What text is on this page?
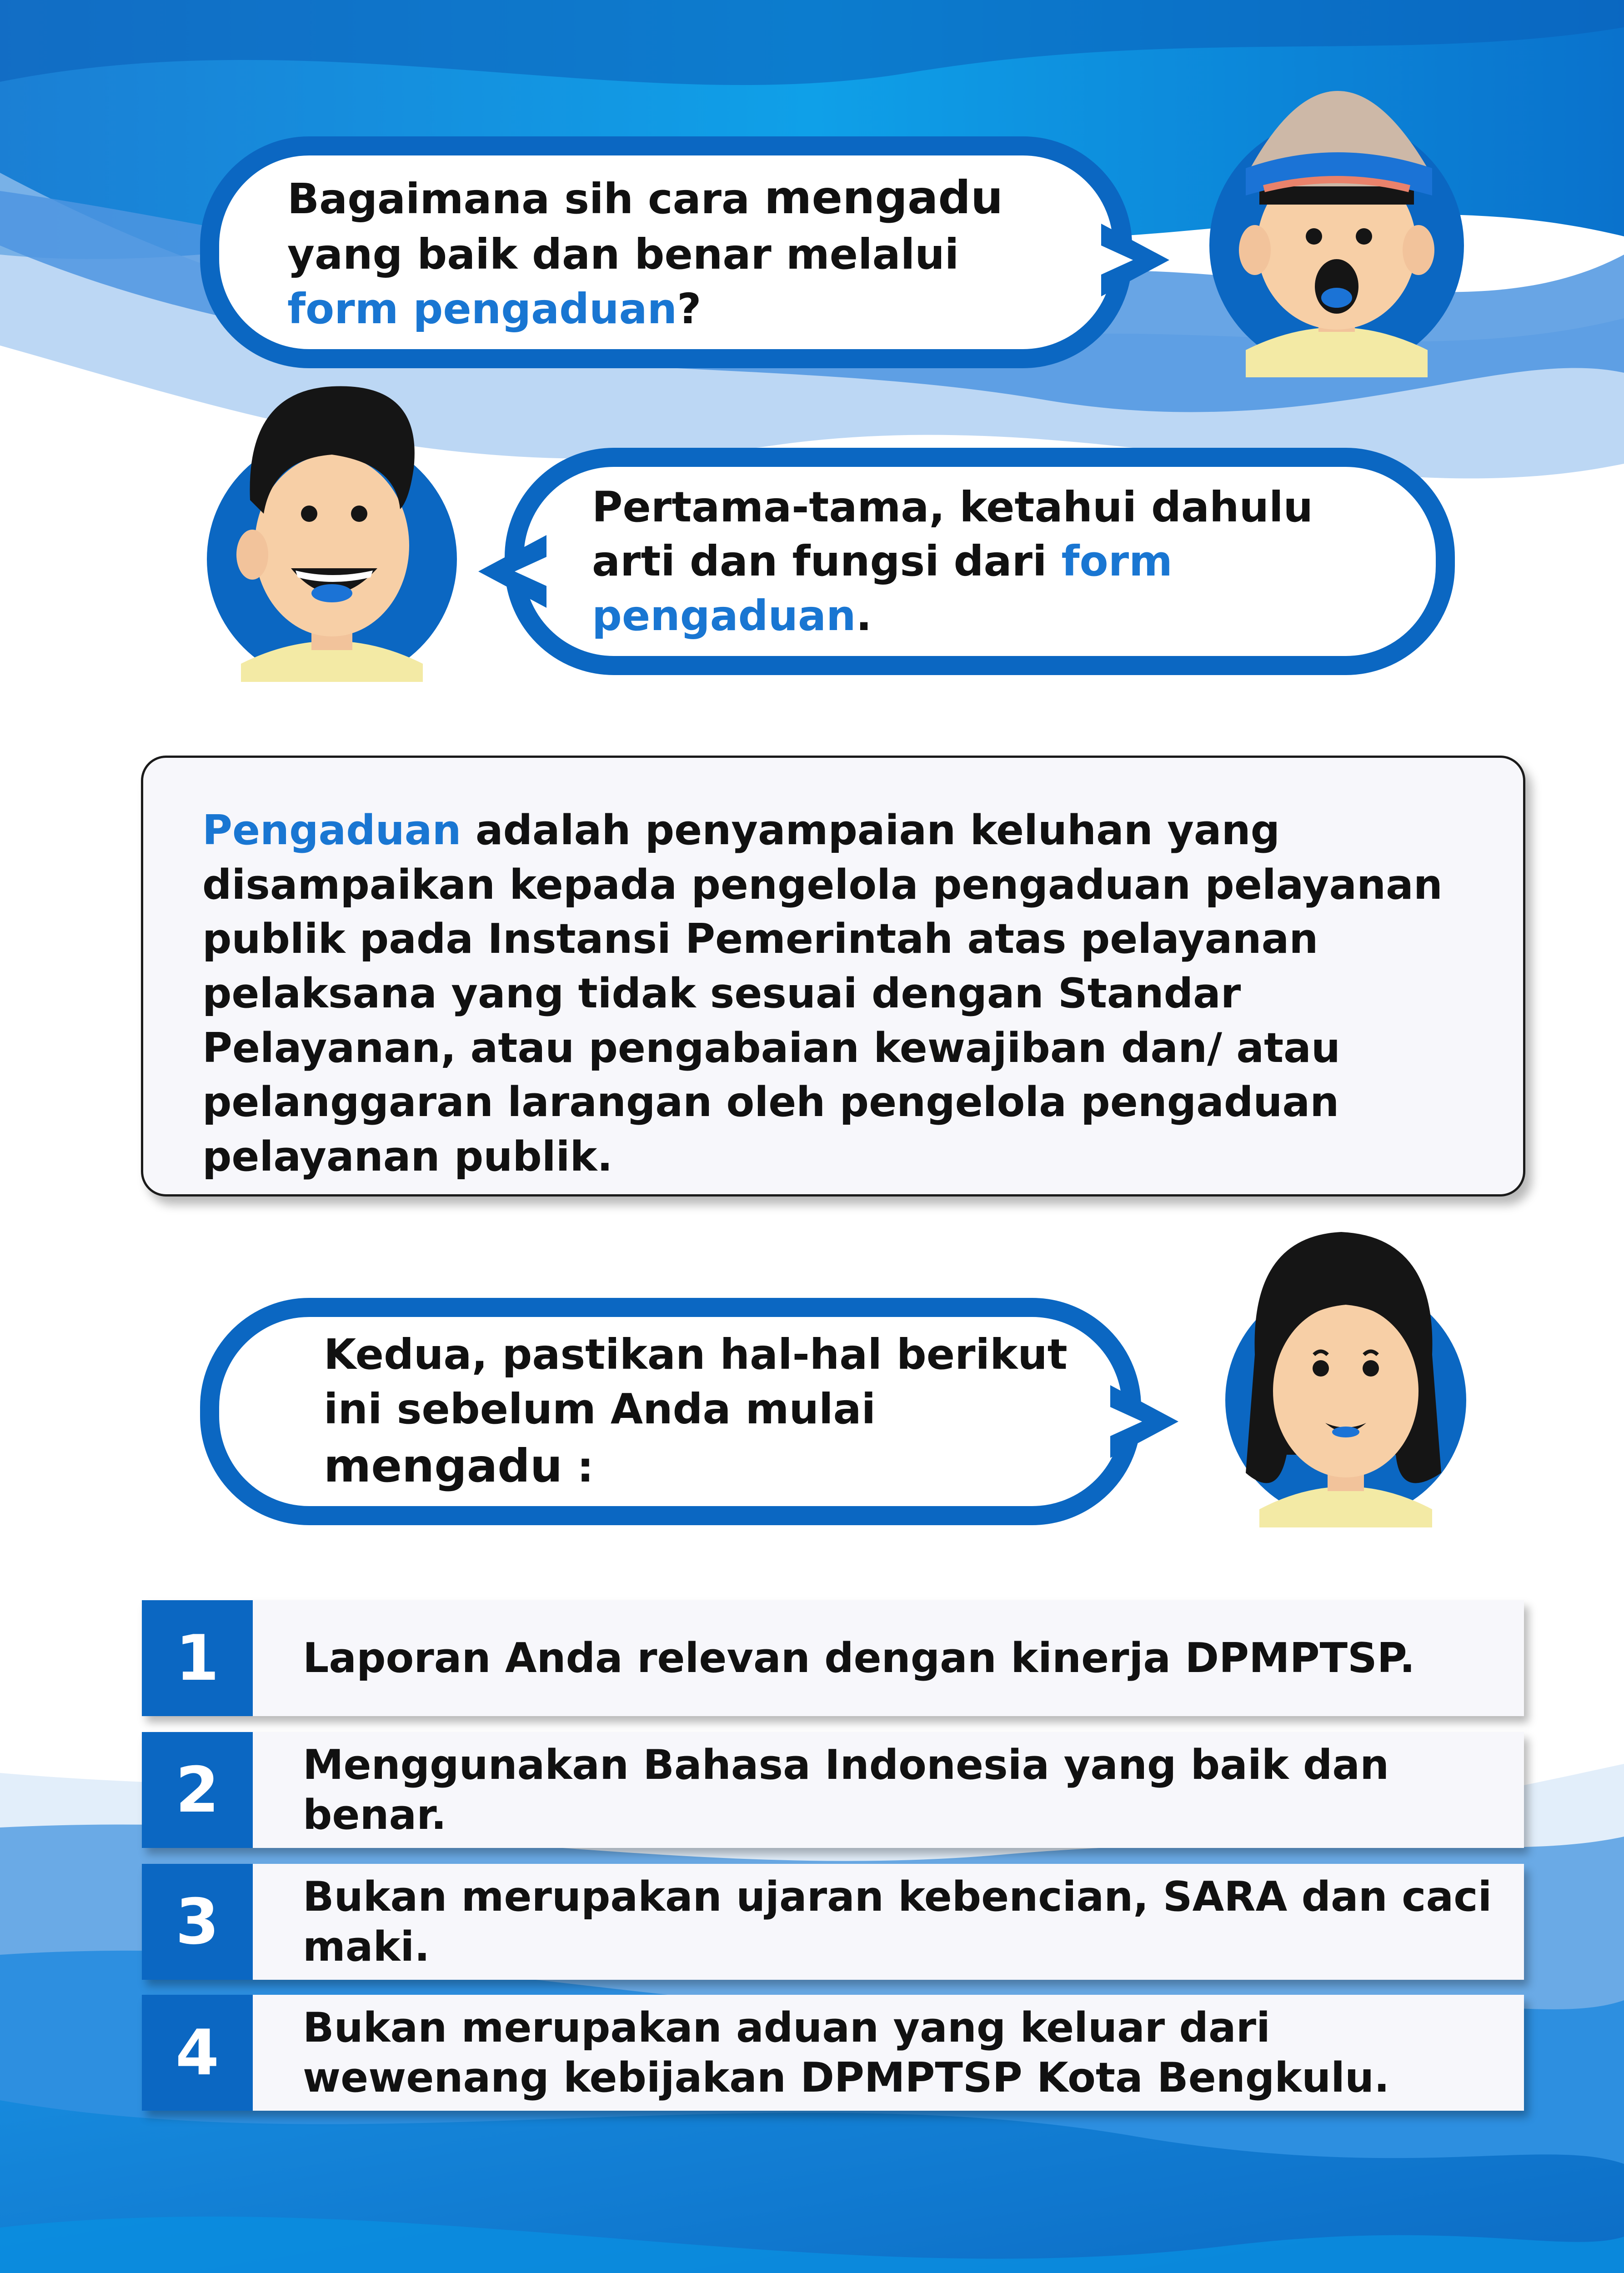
Bagaimana sih cara mengadu yang baik dan benar melalui form pengaduan?

Pertama-tama, ketahui dahulu arti dan fungsi dari form pengaduan.

Pengaduan adalah penyampaian keluhan yang disampaikan kepada pengelola pengaduan pelayanan publik pada Instansi Pemerintah atas pelayanan pelaksana yang tidak sesuai dengan Standar Pelayanan, atau pengabaian kewajiban dan/ atau pelanggaran larangan oleh pengelola pengaduan pelayanan publik.

Kedua, pastikan hal-hal berikut ini sebelum Anda mulai mengadu :

1	Laporan Anda relevan dengan kinerja DPMPTSP.
2	Menggunakan Bahasa Indonesia yang baik dan benar.
3	Bukan merupakan ujaran kebencian, SARA dan caci maki.
4	Bukan merupakan aduan yang keluar dari wewenang kebijakan DPMPTSP Kota Bengkulu.
